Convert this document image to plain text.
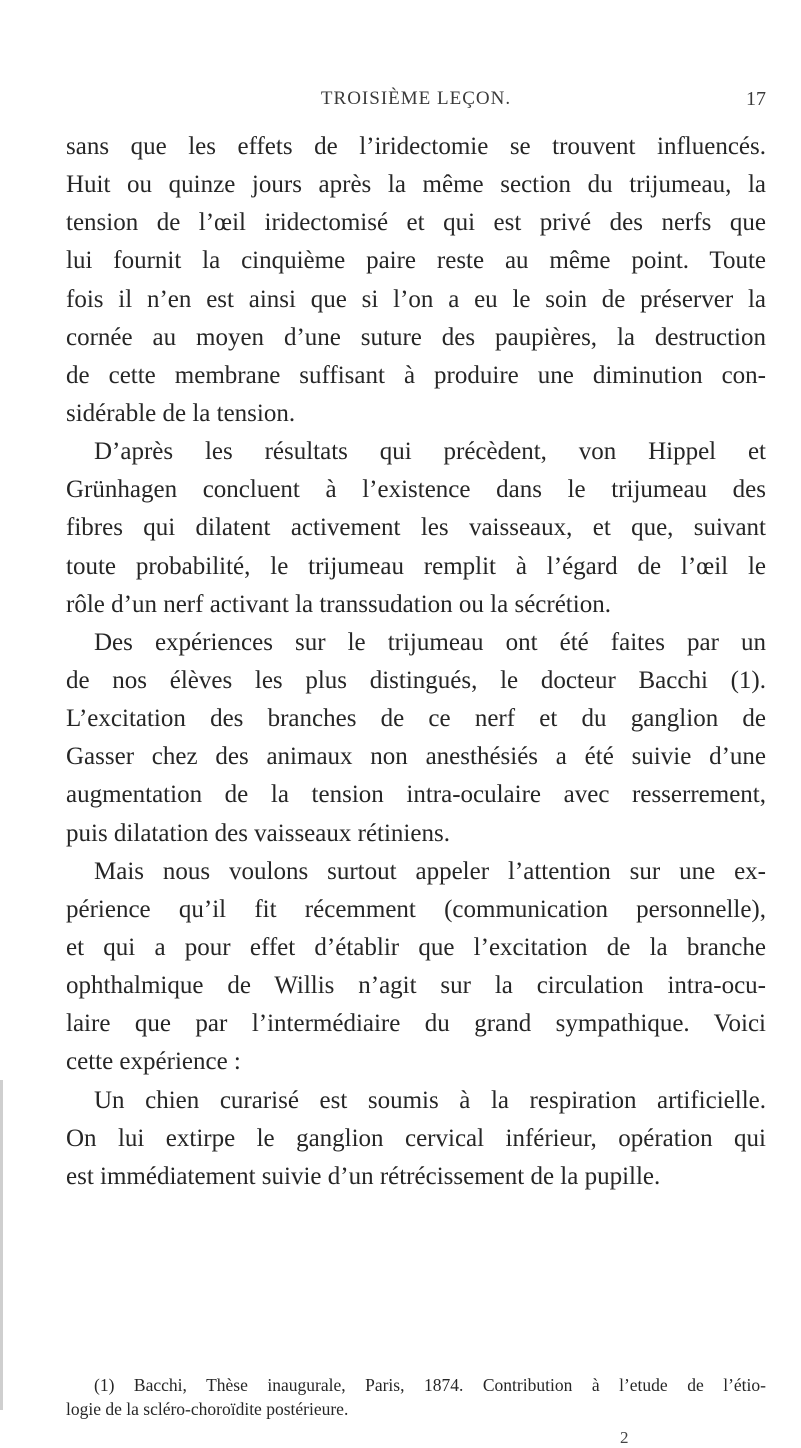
TROISIÈME LEÇON.	17
sans que les effets de l’iridectomie se trouvent influencés.
Huit ou quinze jours après la même section du trijumeau, la
tension de l’œil iridectomisé et qui est privé des nerfs que
lui fournit la cinquième paire reste au même point. Toute
fois il n’en est ainsi que si l’on a eu le soin de préserver la
cornée au moyen d’une suture des paupières, la destruction
de cette membrane suffisant à produire une diminution con-
sidérable de la tension.
D’après les résultats qui précèdent, von Hippel et
Grünhagen concluent à l’existence dans le trijumeau des
fibres qui dilatent activement les vaisseaux, et que, suivant
toute probabilité, le trijumeau remplit à l’égard de l’œil le
rôle d’un nerf activant la transsudation ou la sécrétion.
Des expériences sur le trijumeau ont été faites par un
de nos élèves les plus distingués, le docteur Bacchi (1).
L’excitation des branches de ce nerf et du ganglion de
Gasser chez des animaux non anesthésiés a été suivie d’une
augmentation de la tension intra-oculaire avec resserrement,
puis dilatation des vaisseaux rétiniens.
Mais nous voulons surtout appeler l’attention sur une ex-
périence qu’il fit récemment (communication personnelle),
et qui a pour effet d’établir que l’excitation de la branche
ophthalmique de Willis n’agit sur la circulation intra-ocu-
laire que par l’intermédiaire du grand sympathique. Voici
cette expérience :
Un chien curarisé est soumis à la respiration artificielle.
On lui extirpe le ganglion cervical inférieur, opération qui
est immédiatement suivie d’un rétrécissement de la pupille.
(1) Bacchi, Thèse inaugurale, Paris, 1874. Contribution à l’etude de l’étio-
logie de la scléro-choroïdite postérieure.
2
